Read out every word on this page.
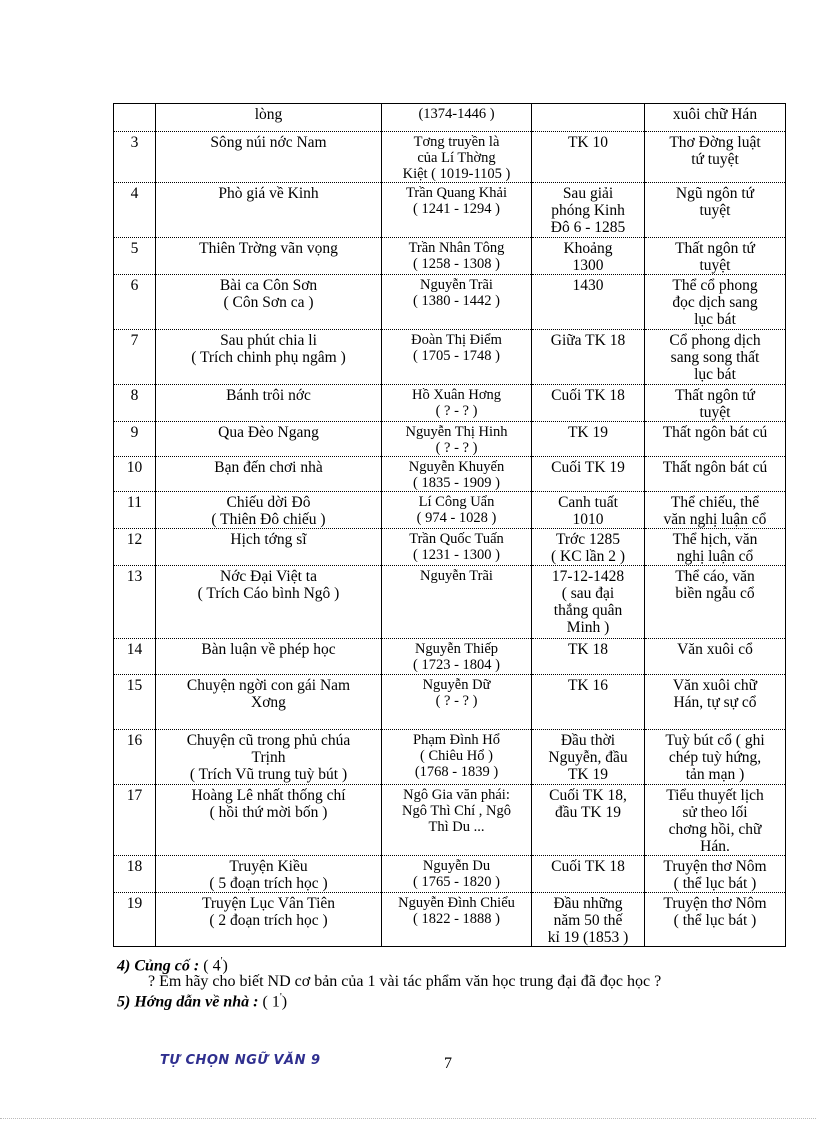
	lòng	(1374-1446 )		xuôi chữ Hán

3	Sông núi nớc Nam	Tơng truyền là
của Lí Thờng
Kiệt ( 1019-1105 )	TK 10	Thơ Đờng luật
tứ tuyệt

4	Phò giá về Kinh	Trần Quang Khải
( 1241 - 1294 )	Sau giải
phóng Kinh
Đô 6 - 1285	Ngũ ngôn tứ
tuyệt

5	Thiên Trờng vãn vọng	Trần Nhân Tông
( 1258 - 1308 )	Khoảng
1300	Thất ngôn tứ
tuyệt

6	Bài ca Côn Sơn
( Côn Sơn ca )	Nguyễn Trãi
( 1380 - 1442 )	1430	Thể cổ phong
đọc dịch sang
lục bát

7	Sau phút chia li
( Trích chinh phụ ngâm )	Đoàn Thị Điểm
( 1705 - 1748 )	Giữa TK 18	Cổ phong dịch
sang song thất
lục bát

8	Bánh trôi nớc	Hồ Xuân Hơng
( ? - ? )	Cuối TK 18	Thất ngôn tứ
tuyệt

9	Qua Đèo Ngang	Nguyễn Thị Hinh
( ? - ? )	TK 19	Thất ngôn bát cú

10	Bạn đến chơi nhà	Nguyễn Khuyến
( 1835 - 1909 )	Cuối TK 19	Thất ngôn bát cú

11	Chiếu dời Đô
( Thiên Đô chiếu )	Lí Công Uẩn
( 974 - 1028 )	Canh tuất
1010	Thể chiếu, thể
văn nghị luận cổ

12	Hịch tớng sĩ	Trần Quốc Tuấn
( 1231 - 1300 )	Trớc 1285
( KC lần 2 )	Thể hịch, văn
nghị luận cổ

13	Nớc Đại Việt ta
( Trích Cáo bình Ngô )	Nguyễn Trãi	17-12-1428
( sau đại
thắng quân
Minh )	Thể cáo, văn
biền ngẫu cổ

14	Bàn luận về phép học	Nguyễn Thiếp
( 1723 - 1804 )	TK 18	Văn xuôi cổ

15	Chuyện ngời con gái Nam
Xơng	Nguyễn Dữ
( ? - ? )	TK 16	Văn xuôi chữ
Hán, tự sự cổ

16	Chuyện cũ trong phủ chúa
Trịnh
( Trích Vũ trung tuỳ bút )	Phạm Đình Hổ
( Chiêu Hổ )
(1768 - 1839 )	Đầu thời
Nguyễn, đầu
TK 19	Tuỳ bút cổ ( ghi
chép tuỳ hứng,
tản mạn )

17	Hoàng Lê nhất thống chí
( hồi thứ mời bốn )	Ngô Gia văn phái:
Ngô Thì Chí , Ngô
Thì Du ...	Cuối TK 18,
đầu TK 19	Tiểu thuyết lịch
sử theo lối
chơng hồi, chữ
Hán.

18	Truyện Kiều
( 5 đoạn trích học )	Nguyễn Du
( 1765 - 1820 )	Cuối TK 18	Truyện thơ Nôm
( thể lục bát )

19	Truyện Lục Vân Tiên
( 2 đoạn trích học )	Nguyễn Đình Chiểu
( 1822 - 1888 )	Đầu những
năm 50 thế
kỉ 19 (1853 )	Truyện thơ Nôm
( thể lục bát )
4) Củng cố : ( 4')
? Em hãy cho biết ND cơ bản của 1 vài tác phẩm văn học trung đại đã đọc học ?
5) Hớng dẫn về nhà : ( 1')
TỰ CHỌN NGỮ VĂN 9	7
